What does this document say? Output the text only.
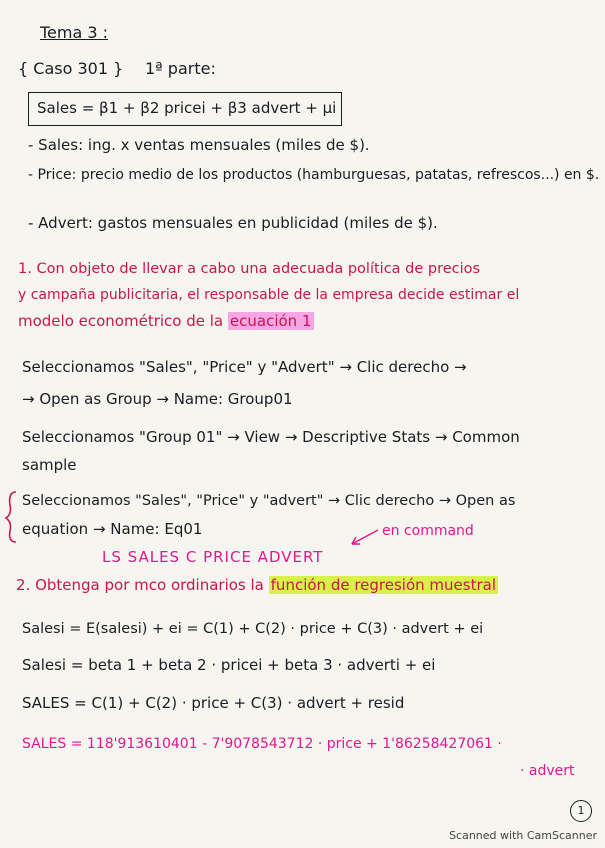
Tema 3 :
{ Caso 301 } 1ª parte:
Sales = β1 + β2 pricei + β3 advert + μi
- Sales: ing. x ventas mensuales (miles de $).
- Price: precio medio de los productos (hamburguesas, patatas, refrescos...) en $.
- Advert: gastos mensuales en publicidad (miles de $).
1. Con objeto de llevar a cabo una adecuada política de precios
y campaña publicitaria, el responsable de la empresa decide estimar el
modelo econométrico de la ecuación 1
Seleccionamos "Sales", "Price" y "Advert" → Clic derecho →
→ Open as Group → Name: Group01
Seleccionamos "Group 01" → View → Descriptive Stats → Common
sample
Seleccionamos "Sales", "Price" y "advert" → Clic derecho → Open as
equation → Name: Eq01	en command
LS SALES C PRICE ADVERT
2. Obtenga por mco ordinarios la función de regresión muestral
Salesi = E(salesi) + ei = C(1) + C(2) · price + C(3) · advert + ei
Salesi = beta 1 + beta 2 · pricei + beta 3 · adverti + ei
SALES = C(1) + C(2) · price + C(3) · advert + resid
SALES = 118'913610401 - 7'9078543712 · price + 1'86258427061 ·
· advert
1
Scanned with CamScanner
